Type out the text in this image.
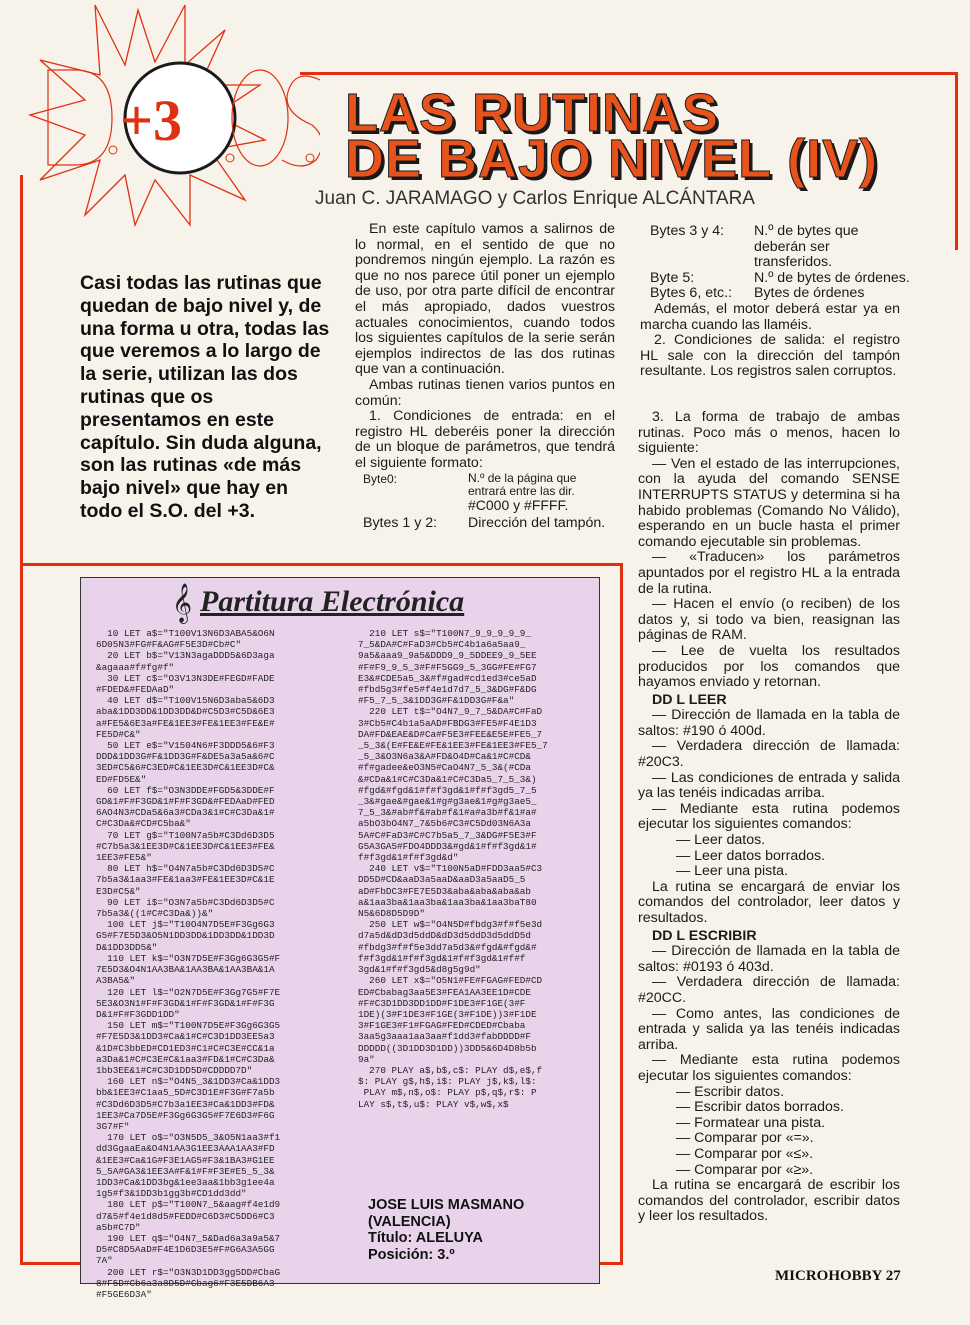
+3	LAS RUTINAS
DE BAJO NIVEL (IV)
Juan C. JARAMAGO y Carlos Enrique ALCÁNTARA
Casi todas las rutinas que quedan de bajo nivel y, de una forma u otra, todas las que veremos a lo largo de la serie, utilizan las dos rutinas que os presentamos en este capítulo. Sin duda alguna, son las rutinas «de más bajo nivel» que hay en todo el S.O. del +3.

En este capítulo vamos a salirnos de lo normal, en el sentido de que no pondremos ningún ejemplo. La razón es que no nos parece útil poner un ejemplo de uso, por otra parte difícil de encontrar el más apropiado, dados vuestros actuales conocimientos, cuando todos los siguientes capítulos de la serie serán ejemplos indirectos de las dos rutinas que van a continuación.

Ambas rutinas tienen varios puntos en común:

1. Condiciones de entrada: en el registro HL deberéis poner la dirección de un bloque de parámetros, que tendrá el siguiente formato:

Byte0:	N.º de la página que entrará entre las dir.
#C000 y #FFFF.
Bytes 1 y 2:	Dirección del tampón.
Bytes 3 y 4:	N.º de bytes que deberán ser transferidos.
Byte 5:	N.º de bytes de órdenes.
Bytes 6, etc.:	Bytes de órdenes

Además, el motor deberá estar ya en marcha cuando las llaméis.

2. Condiciones de salida: el registro HL sale con la dirección del tampón resultante. Los registros salen corruptos.

3. La forma de trabajo de ambas rutinas. Poco más o menos, hacen lo siguiente:

— Ven el estado de las interrupciones, con la ayuda del comando SENSE INTERRUPTS STATUS y determina si ha habido problemas (Comando No Válido), esperando en un bucle hasta el primer comando ejecutable sin problemas.

— «Traducen» los parámetros apuntados por el registro HL a la entrada de la rutina.

— Hacen el envío (o reciben) de los datos y, si todo va bien, reasignan las páginas de RAM.

— Lee de vuelta los resultados producidos por los comandos que hayamos enviado y retornan.

DD L LEER

— Dirección de llamada en la tabla de saltos: #190 ó 400d.

— Verdadera dirección de llamada: #20C3.

— Las condiciones de entrada y salida ya las tenéis indicadas arriba.

— Mediante esta rutina podemos ejecutar los siguientes comandos:

— Leer datos.

— Leer datos borrados.

— Leer una pista.

La rutina se encargará de enviar los comandos del controlador, leer datos y resultados.

DD L ESCRIBIR

— Dirección de llamada en la tabla de saltos: #0193 ó 403d.

— Verdadera dirección de llamada: #20CC.

— Como antes, las condiciones de entrada y salida ya las tenéis indicadas arriba.

— Mediante esta rutina podemos ejecutar los siguientes comandos:

— Escribir datos.

— Escribir datos borrados.

— Formatear una pista.

— Comparar por «=».

— Comparar por «≤».

— Comparar por «≥».

La rutina se encargará de escribir los comandos del controlador, escribir datos y leer los resultados.

𝄞 Partitura Electrónica
10 LET a$="T100V13N6D3ABA5&O6N
6D05N3#FG#F&AG#F5E3D#Cb#C"
20 LET b$="V13N3agaDDD5&6D3aga
&agaaa#f#fg#f"
30 LET c$="O3V13N3DE#FEGD#FADE
#FDED&#FEDAaD"
40 LET d$="T100V15N6D3aba5&6D3
aba&1DD3DD&1DD3DD&D#C5D3#C5D&6E3
a#FE5&6E3a#FE&1EE3#FE&1EE3#FE&E#
FE5D#C&"
50 LET e$="V1504N6#F3DDD5&6#F3
DDD&1DD3G#F&1DD3G#F&DE5a3a5a&6#C
3ED#C5&6#C3ED#C&1EE3D#C&1EE3D#C&
ED#FD5E&"
60 LET f$="O3N3DDE#FGD5&3DDE#F
GD&1#F#F3GD&1#F#F3GD&#FEDAaD#FED
6AO4N3#CDa5&6a3#CDa3&1#C#C3Da&1#
C#C3Da&#CD#C5ba&"
70 LET g$="T100N7a5b#C3Dd6D3D5
#C7b5a3&1EE3D#C&1EE3D#C&1EE3#FE&
1EE3#FE5&"
80 LET h$="O4N7a5b#C3Dd6D3D5#C
7b5a3&1aa3#FE&1aa3#FE&1EE3D#C&1E
E3D#C5&"
90 LET i$="O3N7a5b#C3Dd6D3D5#C
7b5a3&((1#C#C3Da&))&"
100 LET j$="T10O4N7D5E#F3Gg6G3
G5#F7E5D3&O5N1DD3DD&1DD3DD&1DD3D
D&1DD3DD5&"
110 LET k$="O3N7D5E#F3Gg6G3G5#F
7E5D3&O4N1AA3BA&1AA3BA&1AA3BA&1A
A3BA5&"
120 LET l$="O2N7D5E#F3Gg7G5#F7E
5E3&O3N1#F#F3GD&1#F#F3GD&1#F#F3G
D&1#F#F3GDD1DD"
150 LET m$="T100N7D5E#F3Gg6G3G5
#F7E5D3&1DD3#Ca&1#C#C3D1DD3EE5a3
&1D#C3bbED#CD1ED3#C1#C#C3E#CC&1a
a3Da&1#C#C3E#C&1aa3#FD&1#C#C3Da&
1bb3EE&1#C#C3D1DD5D#CDDDD7D"
160 LET n$="O4N5_3&1DD3#Ca&1DD3
bb&1EE3#C1aa5_5D#C3D1E#F3G#F7a5b
#C3Dd6D3D5#C7b3a1EE3#Ca&1DD3#FD&
1EE3#Ca7D5E#F3Gg6G3G5#F7E6D3#F6G
3G7#F"
170 LET o$="O3N5D5_3&O5N1aa3#f1
dd3GgaaEa&O4N1AA3G1EE3AAA1AA3#FD
&1EE3#Ca&1G#F3E1AG5#F3&1BA3#G1EE
5_5A#GA3&1EE3A#F&1#F#F3E#E5_5_3&
1DD3#Ca&1DD3bg&1ee3aa&1bb3g1ee4a
1g5#f3&1DD3b1gg3b#CD1dd3dd"
180 LET p$="T100N7_5&aag#f4e1d9
d7&5#f4e1d8d5#FEDD#C6D3#C5DD6#C3
a5b#C7D"
190 LET q$="O4N7_5&Dad6a3a9a5&7
D5#C8D5AaD#F4E1D6D3E5#F#G6A3A5GG
7A"
200 LET r$="O3N3D1DD3gg5DD#CbaG
8#F5D#Cb6a3a8D5D#Cbag6#F3E5DB6A3
#F5GE6D3A"
210 LET s$="T100N7_9_9_9_9_9_
7_5&DA#C#FaD3#Cb5#C4b1a6a5aa9_
9a5&aaa9_9a5&DDD9_9_5DDEE9_9_5EE
#F#F9_9_5_3#F#F5GG9_5_3GG#FE#FG7
E3&#CDE5a5_3&#f#gad#cd1ed3#ce5aD
#fbd5g3#fe5#f4e1d7d7_5_3&DG#F&DG
#F5_7_5_3&1DD3G#F&1DD3G#F&a"
220 LET t$="O4N7_9_7_5&DA#C#FaD
3#Cb5#C4b1a5aAD#FBDG3#FE5#F4E1D3
DA#FD&EAE&D#Ca#F5E3#FEE&E5E#FE5_7
_5_3&(E#FE&E#FE&1EE3#FE&1EE3#FE5_7
_5_3&O3N6a3&A#FD&O4D#Ca&1#C#CD&
#f#gadee&eO3N5#CaO4N7_5_3&(#CDa
&#CDa&1#C#C3Da&1#C#C3Da5_7_5_3&)
#fgd&#fgd&1#f#f3gd&1#f#f3gd5_7_5
_3&#gae&#gae&1#g#g3ae&1#g#g3ae5_
7_5_3&#ab#f&#ab#f&1#a#a3b#f&1#a#
a5bO3bO4N7_7&5b6#C3#C5Dd03N6A3a
5A#C#FaD3#C#C7b5a5_7_3&DG#F5E3#F
G5A3GA5#FDO4DDD3&#gd&1#f#f3gd&1#
f#f3gd&1#f#f3gd&d"
240 LET v$="T100N5aD#FDD3aa5#C3
DD5D#CD&aaD3a5aaD&aaD3a5aaD5_5
aD#FbDC3#FE7E5D3&aba&aba&aba&ab
a&1aa3ba&1aa3ba&1aa3ba&1aa3baT80
N5&6D8D5D9D"
250 LET w$="O4N5D#fbdg3#f#f5e3d
d7a5d&dD3d5ddD&dD3d5ddD3d5ddD5d
#fbdg3#f#f5e3dd7a5d3&#fgd&#fgd&#
f#f3gd&1#f#f3gd&1#f#f3gd&1#f#f
3gd&1#f#f3gd5&d8g5g9d"
260 LET x$="O5N1#FE#FGAG#FED#CD
ED#Cbabag3aa5E3#FEA1AA3EE1D#CDE
#F#C3D1DD3DD1DD#F1DE3#F1GE(3#F
1DE)(3#F1DE3#F1GE(3#F1DE))3#F1DE
3#F1GE3#F1#FGAG#FED#CDED#Cbaba
3aa5g3aaa1aa3aa#f1dd3#fabDDDD#F
DDDDD((3D1DD3D1DD))3DD5&6D4D8b5b
9a"
270 PLAY a$,b$,c$: PLAY d$,e$,f
$: PLAY g$,h$,i$: PLAY j$,k$,l$:
PLAY m$,n$,o$: PLAY p$,q$,r$: P
LAY s$,t$,u$: PLAY v$,w$,x$
JOSE LUIS MASMANO
(VALENCIA)
Título: ALELUYA
Posición: 3.º
MICROHOBBY 27
